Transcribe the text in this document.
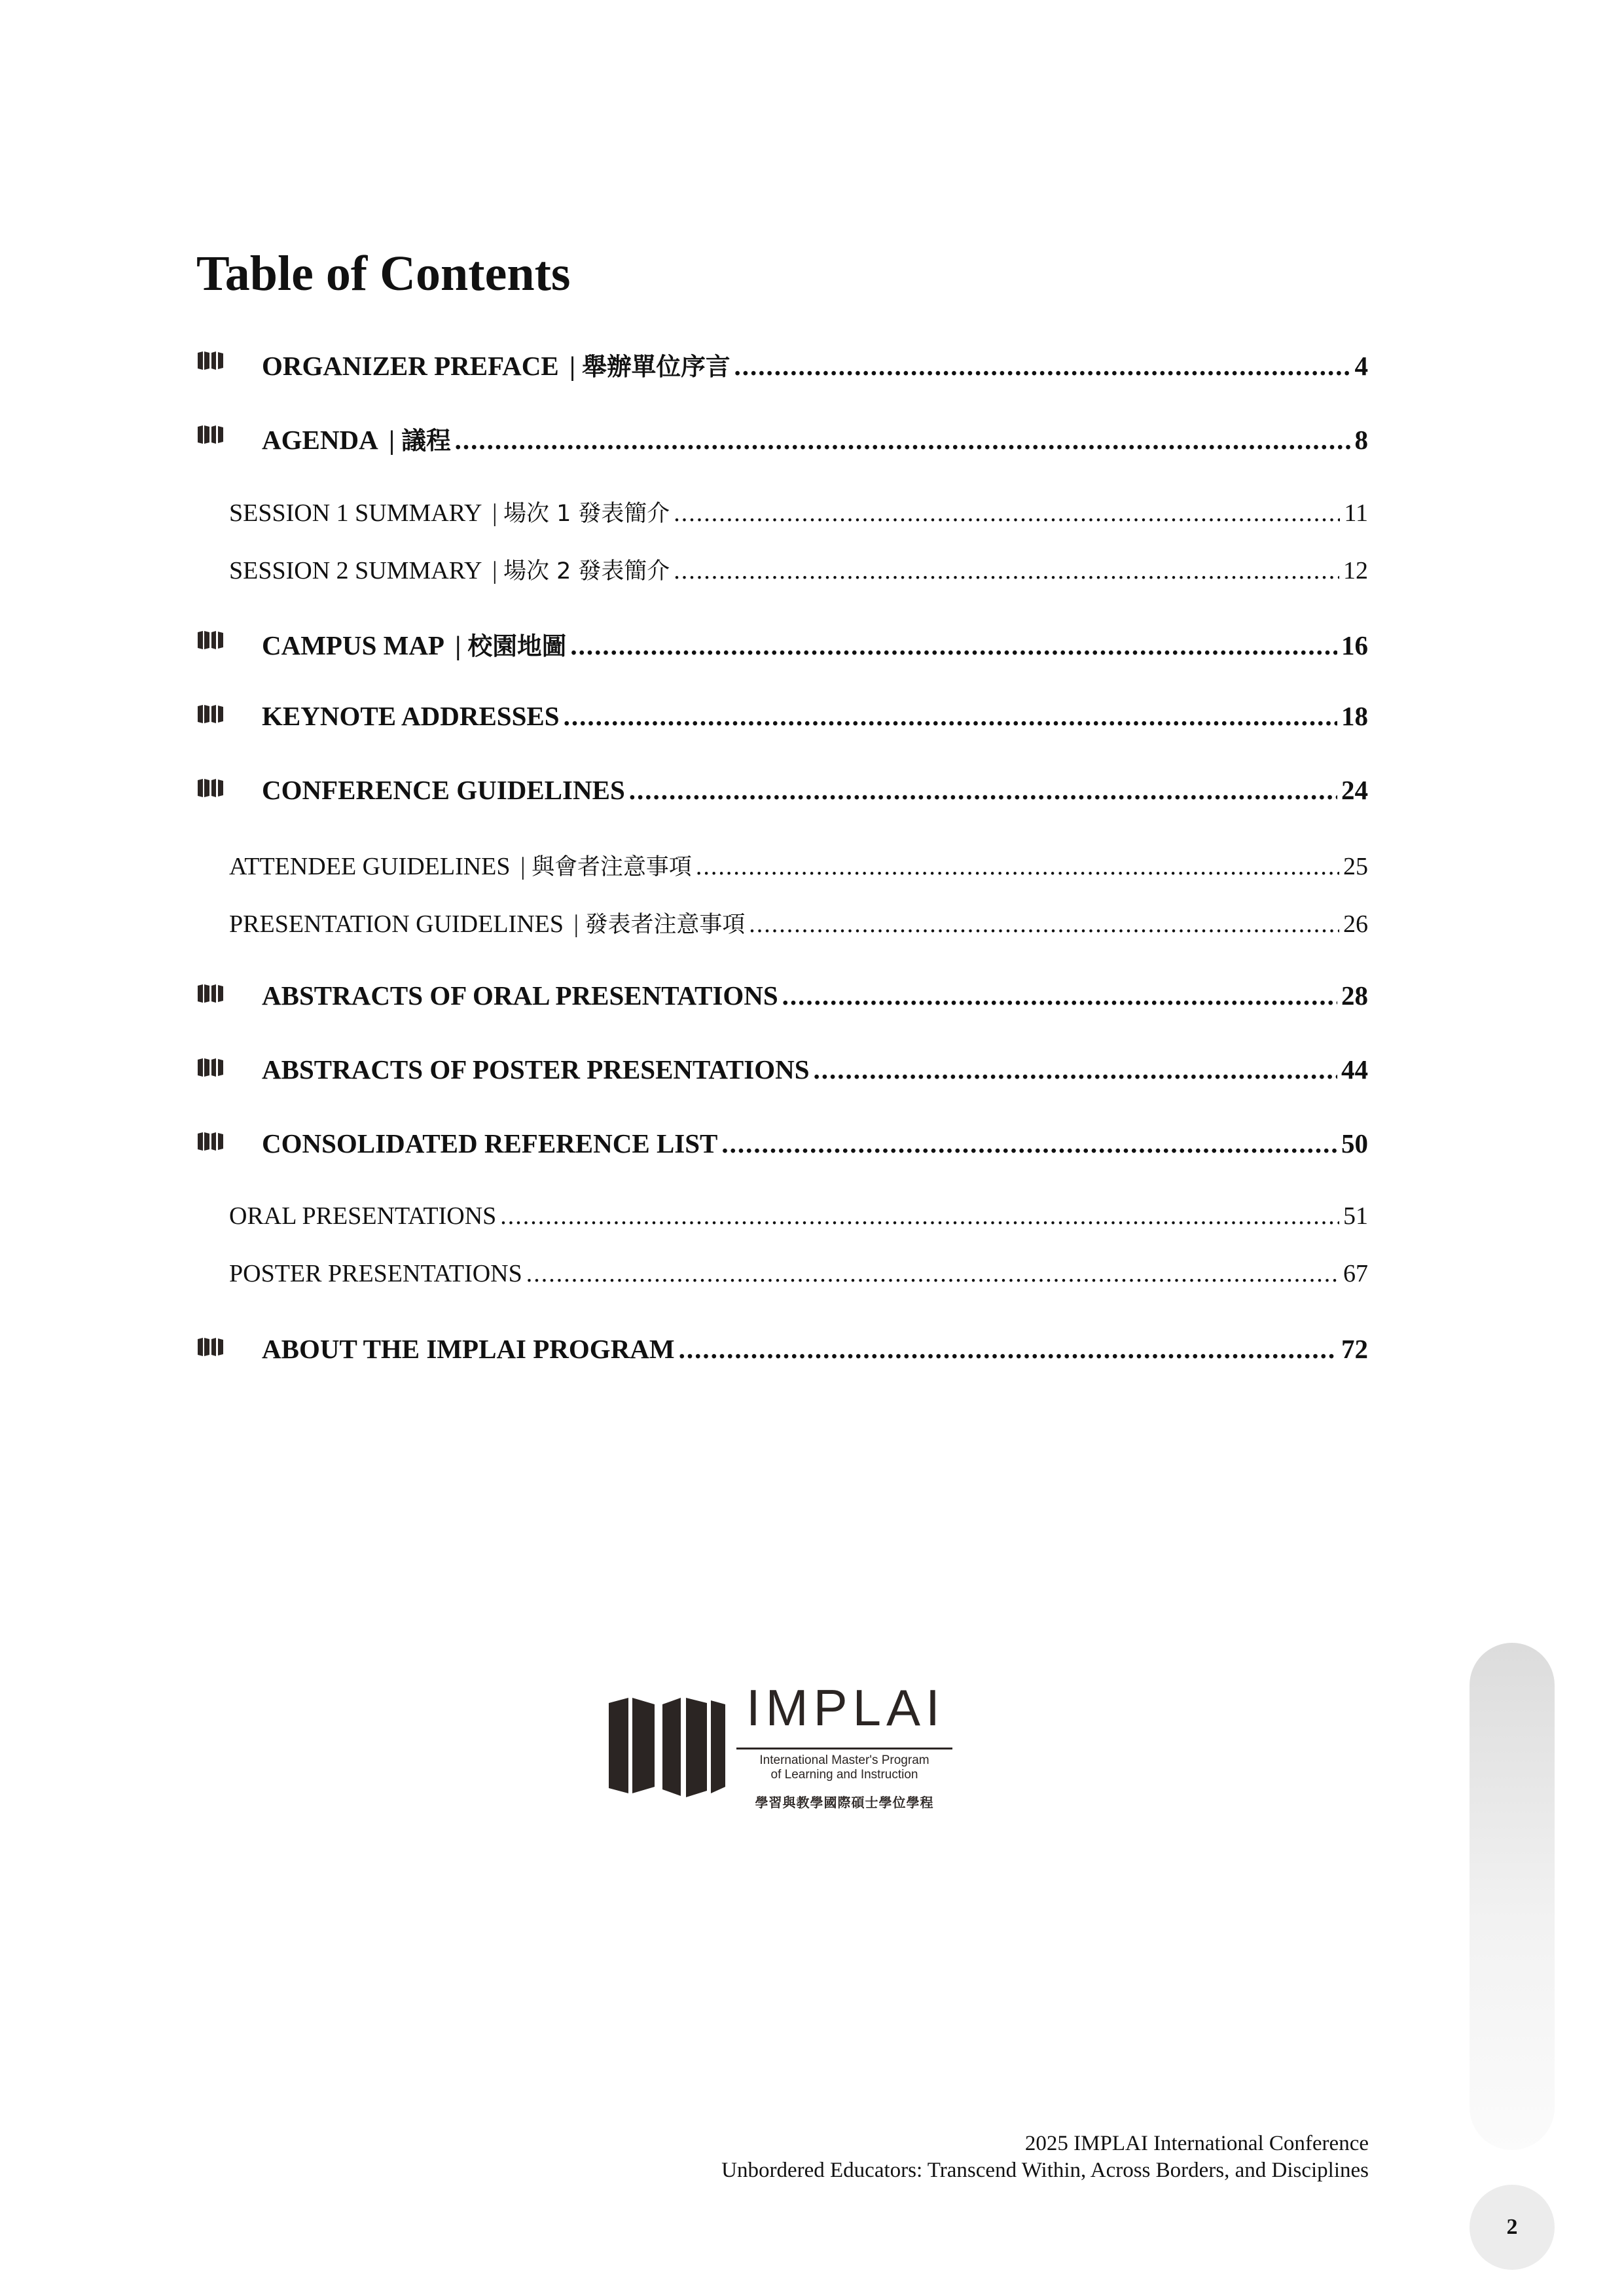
Table of Contents
ORGANIZER PREFACE | 舉辦單位序言 .....	4
AGENDA | 議程 .....	8
SESSION 1 SUMMARY | 場次 1 發表簡介 .....	11
SESSION 2 SUMMARY | 場次 2 發表簡介 .....	12
CAMPUS MAP | 校園地圖 .....	16
KEYNOTE ADDRESSES .....	18
CONFERENCE GUIDELINES .....	24
ATTENDEE GUIDELINES | 與會者注意事項 .....	25
PRESENTATION GUIDELINES | 發表者注意事項 .....	26
ABSTRACTS OF ORAL PRESENTATIONS .....	28
ABSTRACTS OF POSTER PRESENTATIONS .....	44
CONSOLIDATED REFERENCE LIST .....	50
ORAL PRESENTATIONS .....	51
POSTER PRESENTATIONS .....	67
ABOUT THE IMPLAI PROGRAM .....	72
IMPLAI
International Master's Program
of Learning and Instruction
學習與教學國際碩士學位學程
2025 IMPLAI International Conference
Unbordered Educators: Transcend Within, Across Borders, and Disciplines
2
